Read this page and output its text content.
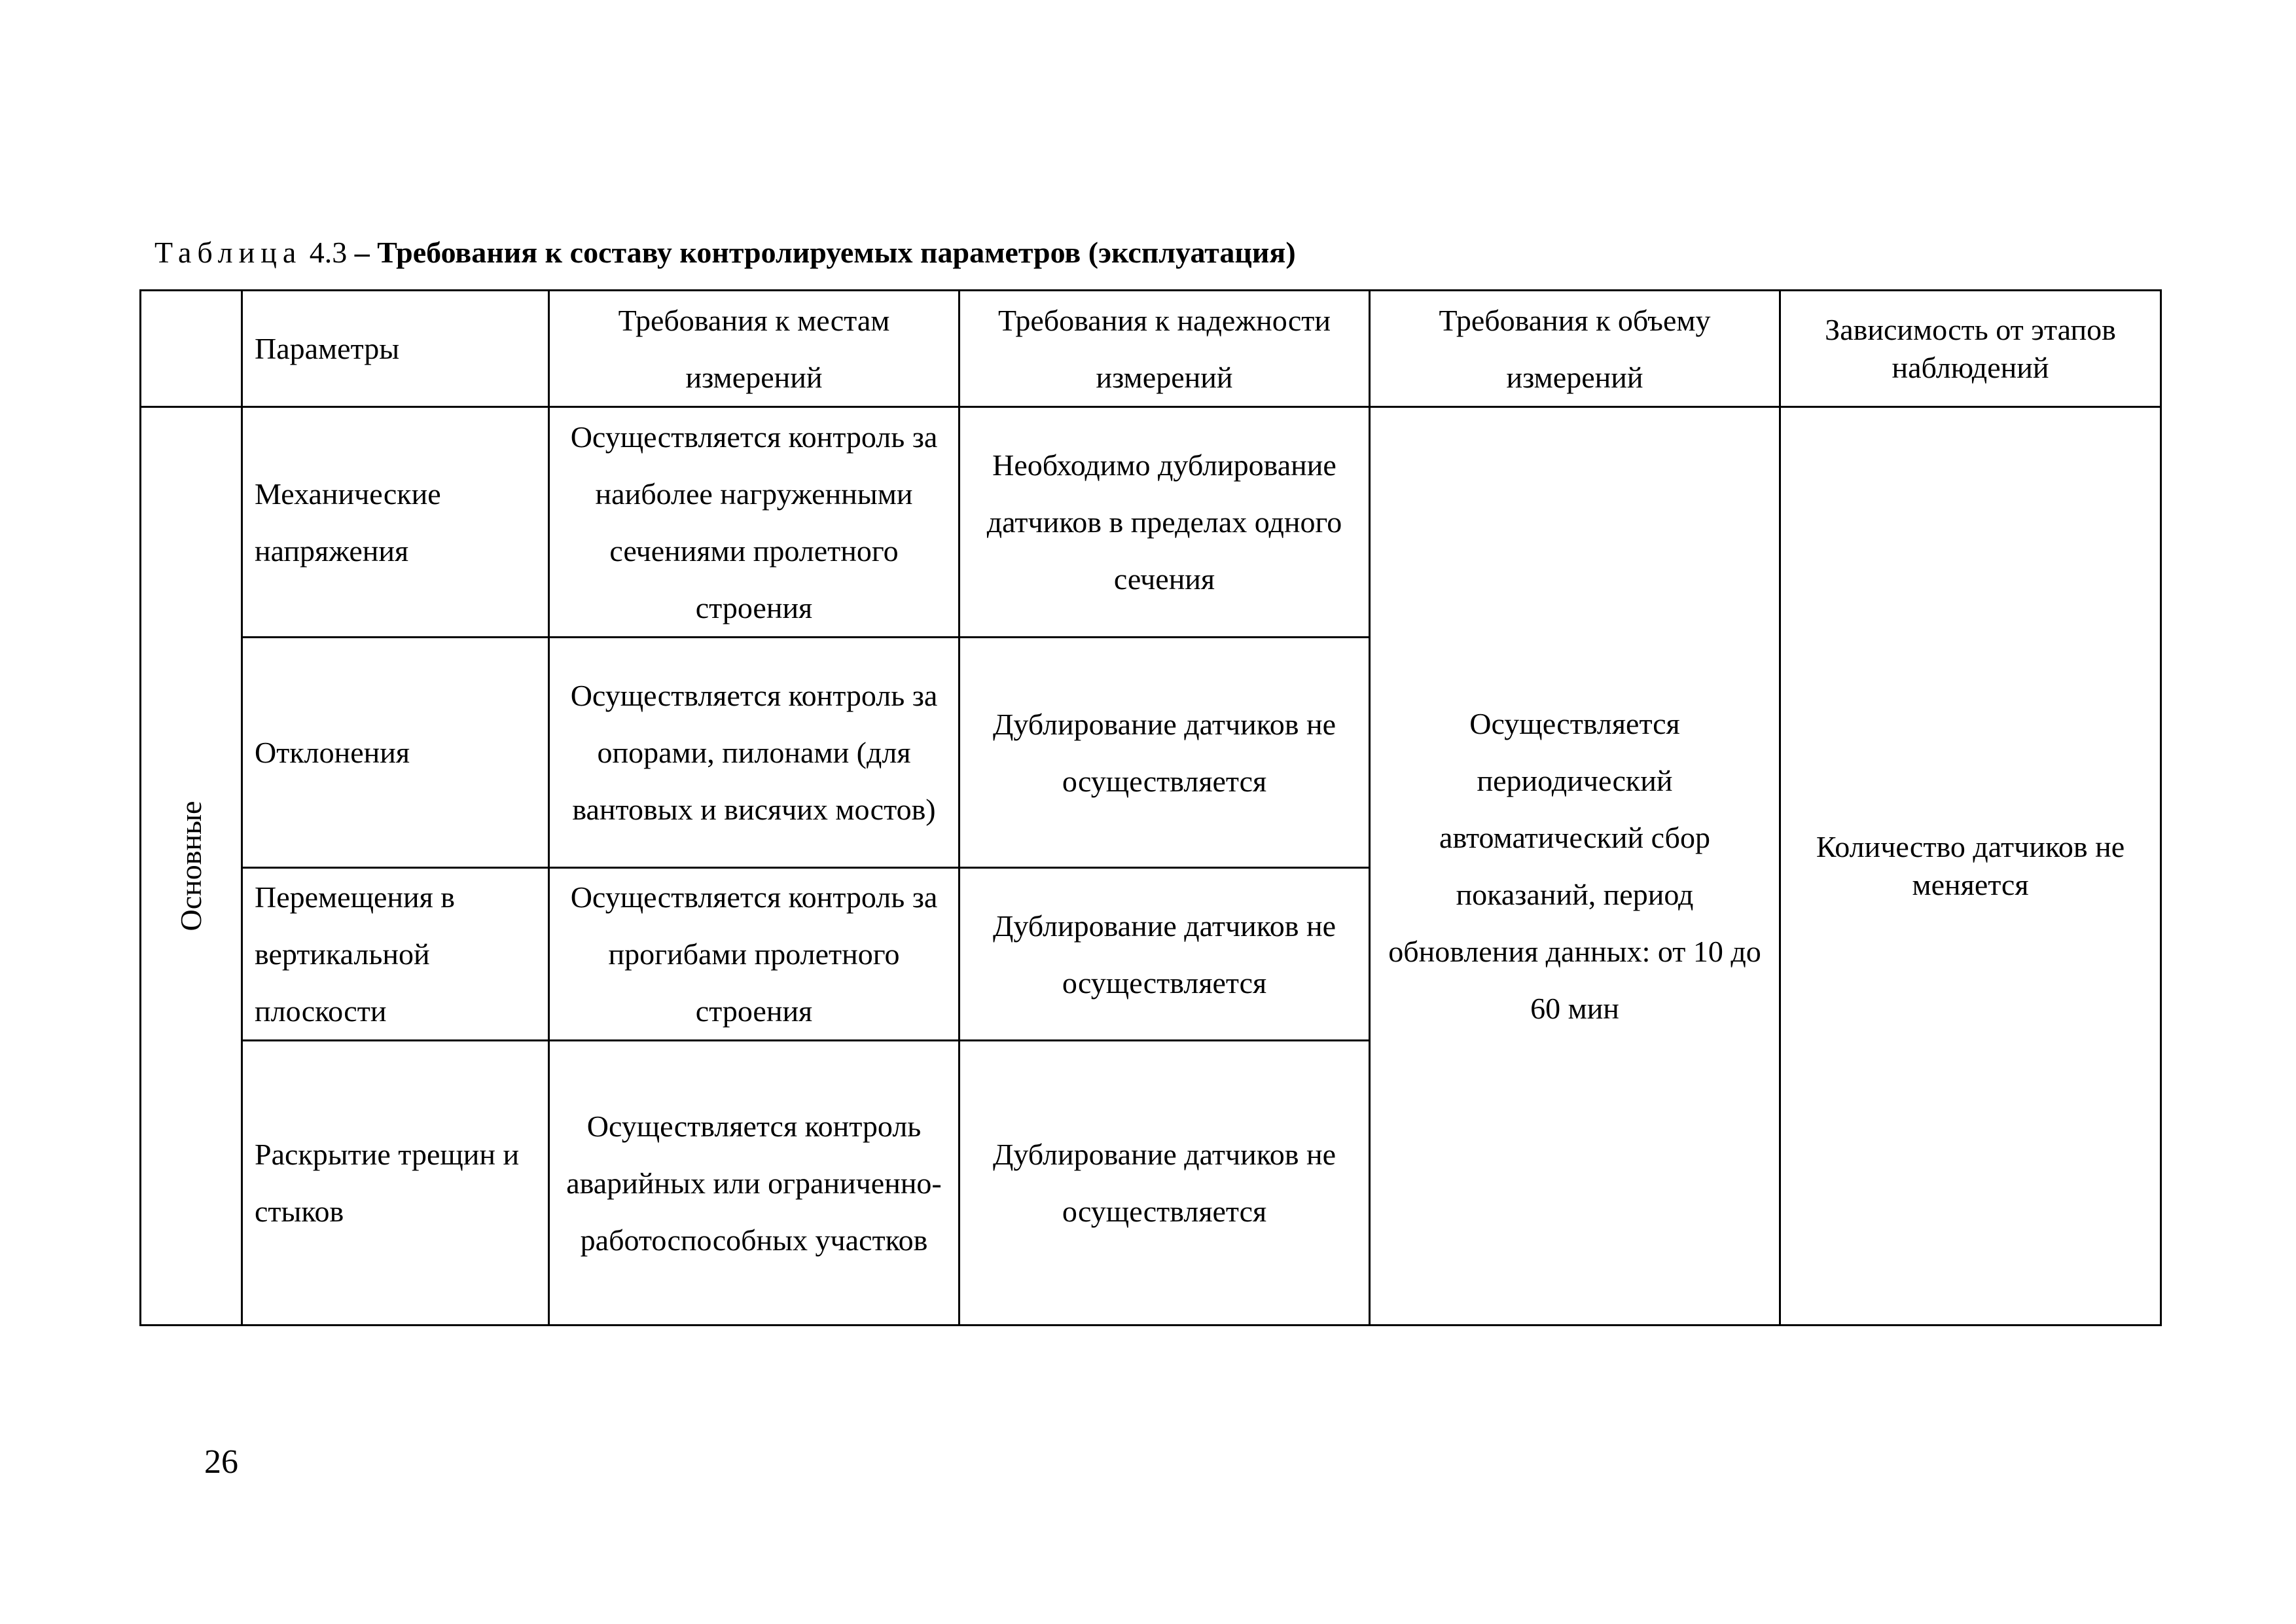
Таблица 4.3 – Требования к составу контролируемых параметров (эксплуатация)
	Параметры	Требования к местам измерений	Требования к надежности измерений	Требования к объему измерений	Зависимость от этапов наблюдений

Основные	Механические напряжения	Осуществляется контроль за наиболее нагруженными сечениями пролетного строения	Необходимо дублирование датчиков в пределах одного сечения	Осуществляется периодический автоматический сбор показаний, период обновления данных: от 10 до 60 мин	Количество датчиков не меняется
	Отклонения	Осуществляется контроль за опорами, пилонами (для вантовых и висячих мостов)	Дублирование датчиков не осуществляется		
	Перемещения в вертикальной плоскости	Осуществляется контроль за прогибами пролетного строения	Дублирование датчиков не осуществляется		
	Раскрытие трещин и стыков	Осуществляется контроль аварийных или ограниченно-работоспособных участков	Дублирование датчиков не осуществляется		
26
